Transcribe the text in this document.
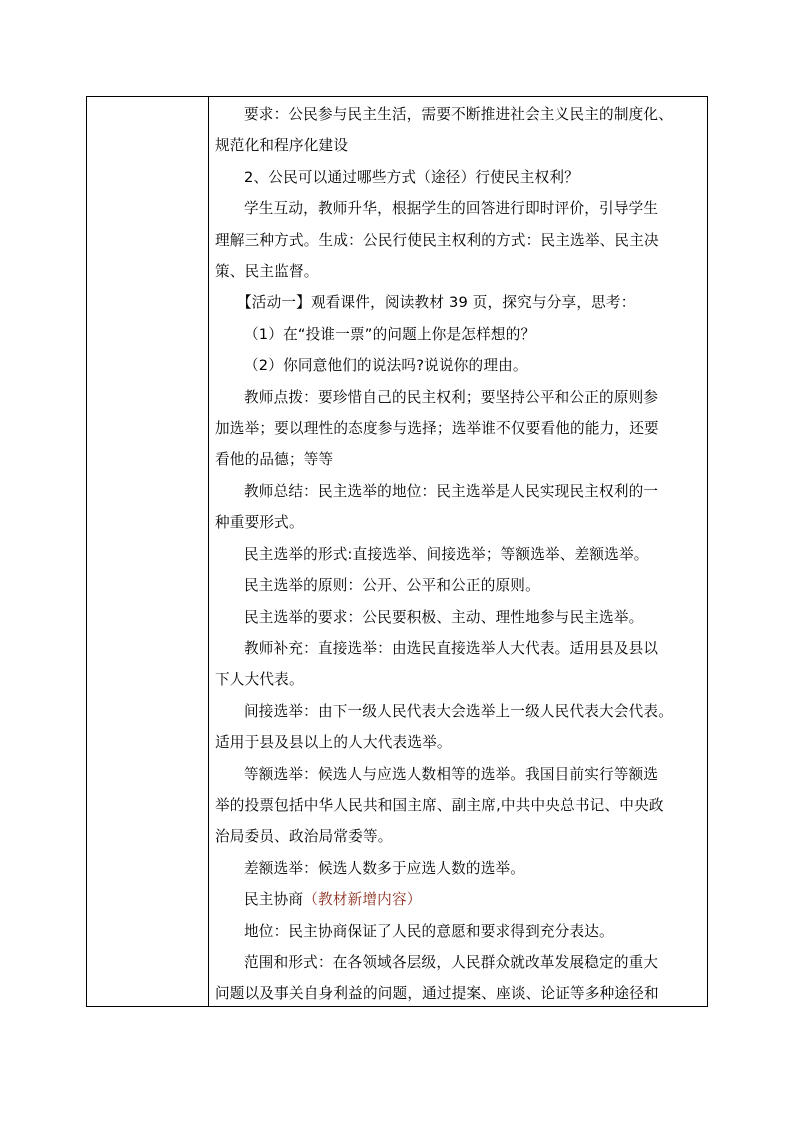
要求：公民参与民主生活，需要不断推进社会主义民主的制度化、
规范化和程序化建设
2、公民可以通过哪些方式（途径）行使民主权利？
学生互动，教师升华，根据学生的回答进行即时评价，引导学生
理解三种方式。生成：公民行使民主权利的方式：民主选举、民主决
策、民主监督。
【活动一】观看课件，阅读教材 39 页，探究与分享，思考：
（1）在“投谁一票”的问题上你是怎样想的？
（2）你同意他们的说法吗?说说你的理由。
教师点拨：要珍惜自己的民主权利；要坚持公平和公正的原则参
加选举；要以理性的态度参与选择；选举谁不仅要看他的能力，还要
看他的品德；等等
教师总结：民主选举的地位：民主选举是人民实现民主权利的一
种重要形式。
民主选举的形式:直接选举、间接选举；等额选举、差额选举。
民主选举的原则：公开、公平和公正的原则。
民主选举的要求：公民要积极、主动、理性地参与民主选举。
教师补充：直接选举：由选民直接选举人大代表。适用县及县以
下人大代表。
间接选举：由下一级人民代表大会选举上一级人民代表大会代表。
适用于县及县以上的人大代表选举。
等额选举：候选人与应选人数相等的选举。我国目前实行等额选
举的投票包括中华人民共和国主席、副主席,中共中央总书记、中央政
治局委员、政治局常委等。
差额选举：候选人数多于应选人数的选举。
民主协商（教材新增内容）
地位：民主协商保证了人民的意愿和要求得到充分表达。
范围和形式：在各领域各层级，人民群众就改革发展稳定的重大
问题以及事关自身利益的问题，通过提案、座谈、论证等多种途径和
